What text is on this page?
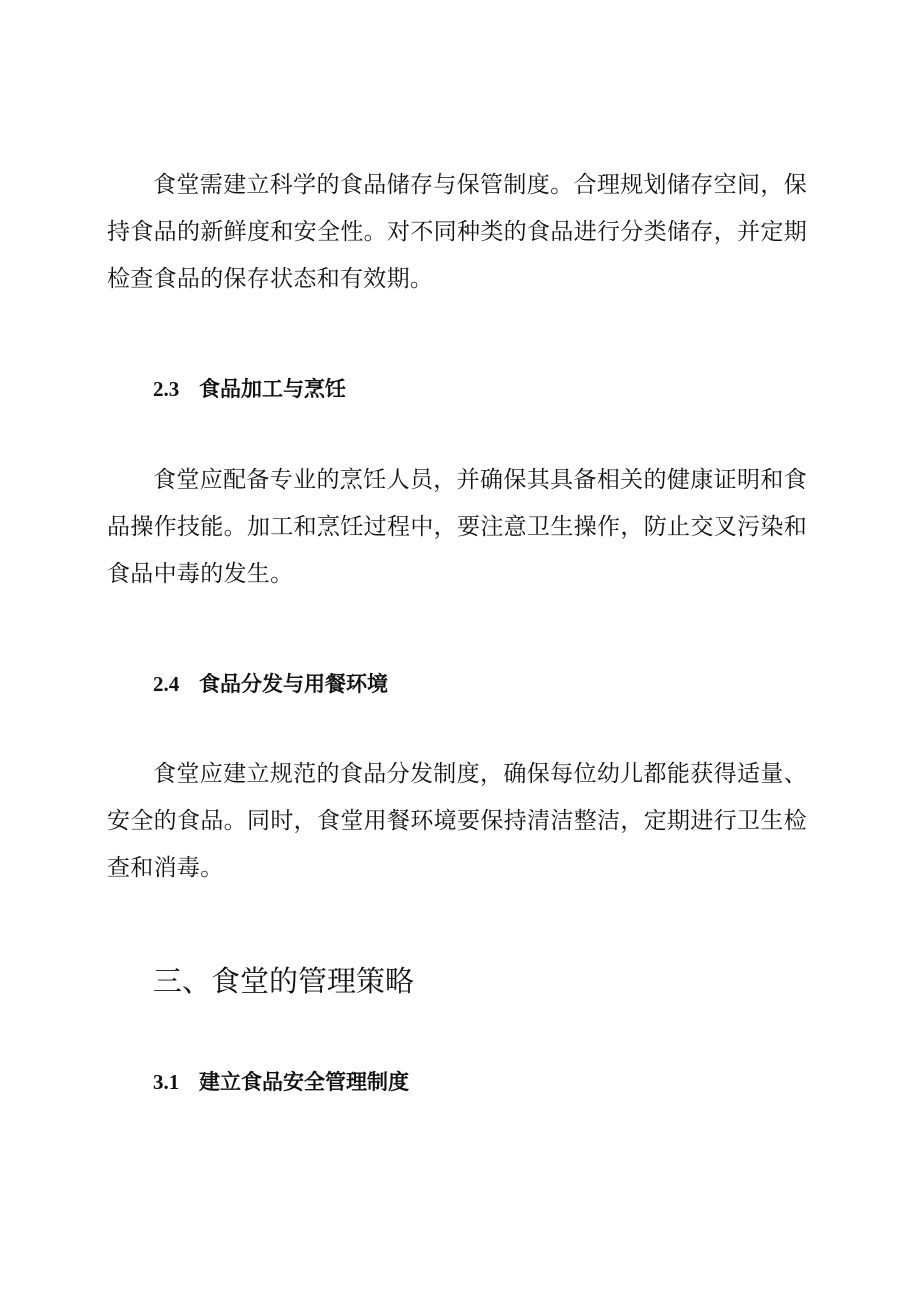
食堂需建立科学的食品储存与保管制度。合理规划储存空间，保持食品的新鲜度和安全性。对不同种类的食品进行分类储存，并定期检查食品的保存状态和有效期。

2.3 食品加工与烹饪

食堂应配备专业的烹饪人员，并确保其具备相关的健康证明和食品操作技能。加工和烹饪过程中，要注意卫生操作，防止交叉污染和食品中毒的发生。

2.4 食品分发与用餐环境

食堂应建立规范的食品分发制度，确保每位幼儿都能获得适量、安全的食品。同时，食堂用餐环境要保持清洁整洁，定期进行卫生检查和消毒。

三、食堂的管理策略
3.1 建立食品安全管理制度
